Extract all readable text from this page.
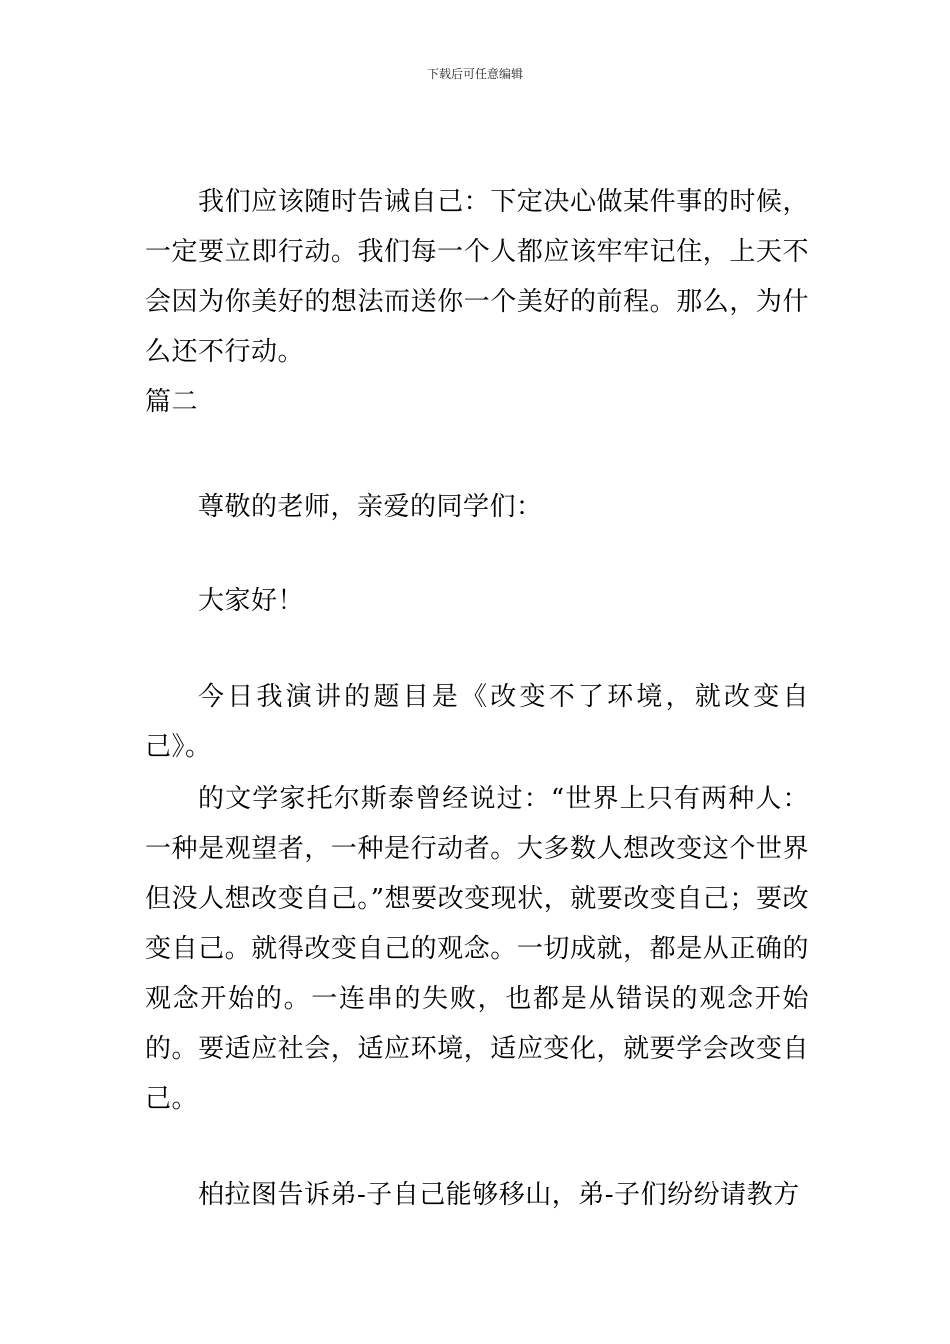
下载后可任意编辑

我们应该随时告诫自己：下定决心做某件事的时候，一定要立即行动。我们每一个人都应该牢牢记住，上天不会因为你美好的想法而送你一个美好的前程。那么，为什么还不行动。

篇二

尊敬的老师，亲爱的同学们：

大家好！

今日我演讲的题目是《改变不了环境，就改变自己》。

的文学家托尔斯泰曾经说过：“世界上只有两种人：一种是观望者，一种是行动者。大多数人想改变这个世界但没人想改变自己。”想要改变现状，就要改变自己；要改变自己。就得改变自己的观念。一切成就，都是从正确的观念开始的。一连串的失败，也都是从错误的观念开始的。要适应社会，适应环境，适应变化，就要学会改变自己。

柏拉图告诉弟-子自己能够移山，弟-子们纷纷请教方
